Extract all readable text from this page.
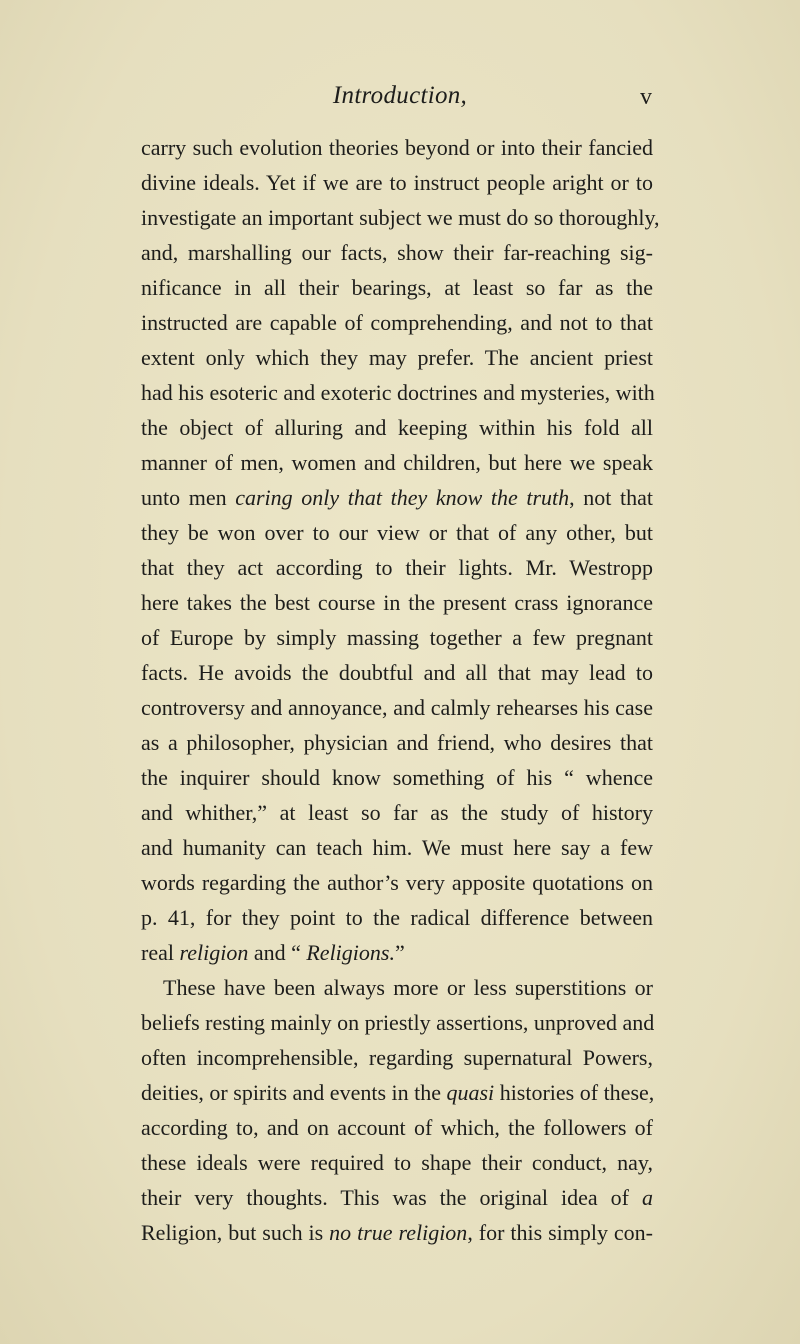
Introduction,	v
carry such evolution theories beyond or into their fancied
divine ideals. Yet if we are to instruct people aright or to
investigate an important subject we must do so thoroughly,
and, marshalling our facts, show their far-reaching sig-
nificance in all their bearings, at least so far as the
instructed are capable of comprehending, and not to that
extent only which they may prefer. The ancient priest
had his esoteric and exoteric doctrines and mysteries, with
the object of alluring and keeping within his fold all
manner of men, women and children, but here we speak
unto men caring only that they know the truth, not that
they be won over to our view or that of any other, but
that they act according to their lights. Mr. Westropp
here takes the best course in the present crass ignorance
of Europe by simply massing together a few pregnant
facts. He avoids the doubtful and all that may lead to
controversy and annoyance, and calmly rehearses his case
as a philosopher, physician and friend, who desires that
the inquirer should know something of his “ whence
and whither,” at least so far as the study of history
and humanity can teach him. We must here say a few
words regarding the author’s very apposite quotations on
p. 41, for they point to the radical difference between
real religion and “ Religions.”
These have been always more or less superstitions or
beliefs resting mainly on priestly assertions, unproved and
often incomprehensible, regarding supernatural Powers,
deities, or spirits and events in the quasi histories of these,
according to, and on account of which, the followers of
these ideals were required to shape their conduct, nay,
their very thoughts. This was the original idea of a
Religion, but such is no true religion, for this simply con-
